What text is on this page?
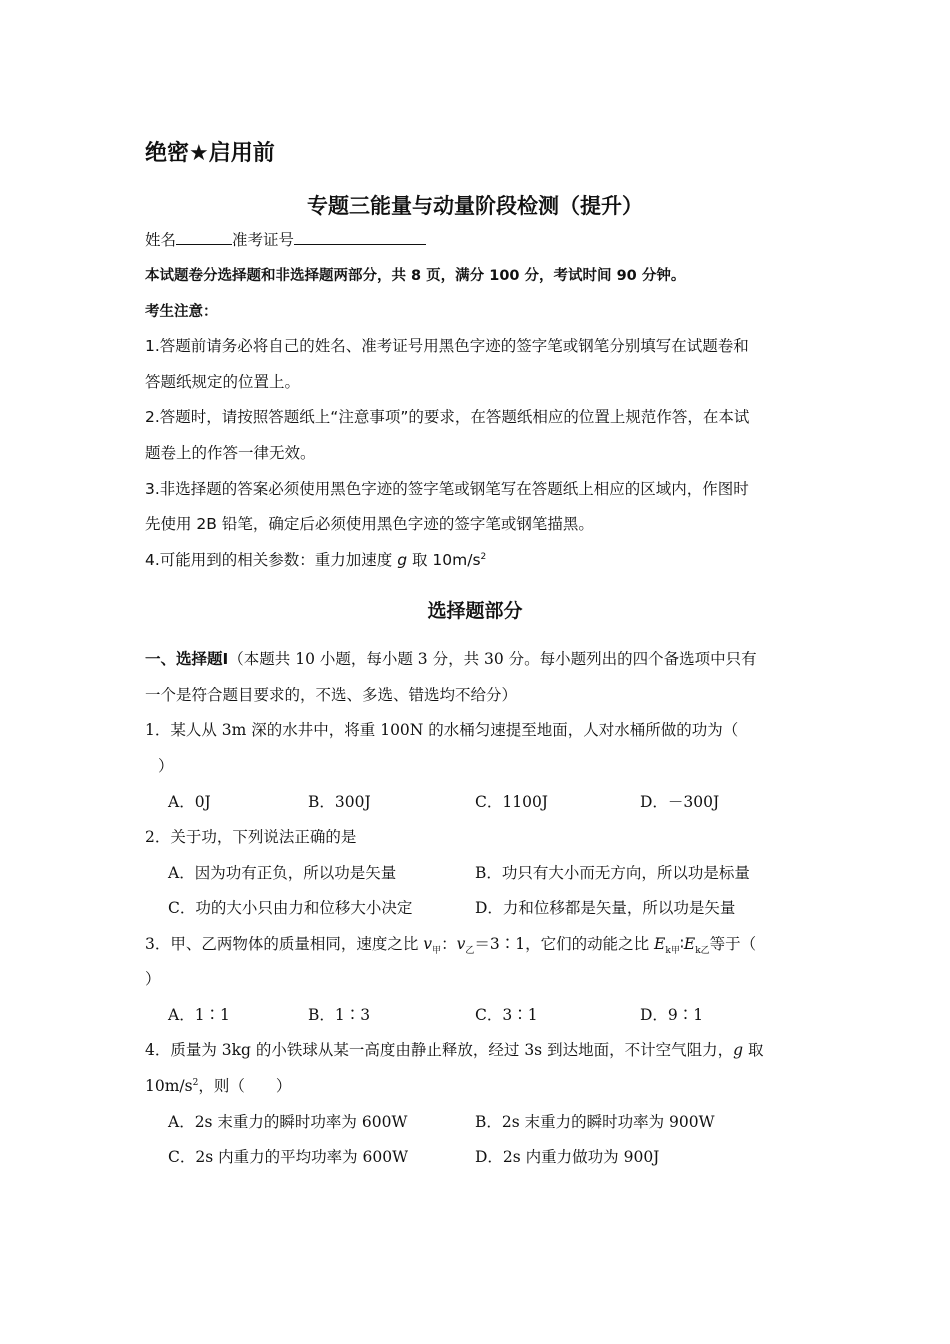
绝密★启用前
专题三能量与动量阶段检测（提升）
姓名	准考证号
本试题卷分选择题和非选择题两部分，共 8 页，满分 100 分，考试时间 90 分钟。
考生注意：
1.答题前请务必将自己的姓名、准考证号用黑色字迹的签字笔或钢笔分别填写在试题卷和
答题纸规定的位置上。
2.答题时，请按照答题纸上“注意事项”的要求，在答题纸相应的位置上规范作答，在本试
题卷上的作答一律无效。
3.非选择题的答案必须使用黑色字迹的签字笔或钢笔写在答题纸上相应的区域内，作图时
先使用 2B 铅笔，确定后必须使用黑色字迹的签字笔或钢笔描黑。
4.可能用到的相关参数：重力加速度 g 取 $10m/s^2$
选择题部分
一、选择题Ⅰ（本题共 10 小题，每小题 3 分，共 30 分。每小题列出的四个备选项中只有
一个是符合题目要求的，不选、多选、错选均不给分）
1．某人从 3m 深的水井中，将重 100N 的水桶匀速提至地面，人对水桶所做的功为（
）
A．0J	B．300J	C．1100J	D．－300J
2．关于功，下列说法正确的是
A．因为功有正负，所以功是矢量	B．功只有大小而无方向，所以功是标量
C．功的大小只由力和位移大小决定	D．力和位移都是矢量，所以功是矢量
3．甲、乙两物体的质量相同，速度之比 $v_甲$：$v_乙=3∶1$，它们的动能之比 $E_{k甲}∶E_{k乙}$等于（
）
A．1∶1	B．1∶3	C．3∶1	D．9∶1
4．质量为 3kg 的小铁球从某一高度由静止释放，经过 3s 到达地面，不计空气阻力，g 取
$10m/s^2$，则（　　）
A．2s 末重力的瞬时功率为 600W	B．2s 末重力的瞬时功率为 900W
C．2s 内重力的平均功率为 600W	D．2s 内重力做功为 900J
